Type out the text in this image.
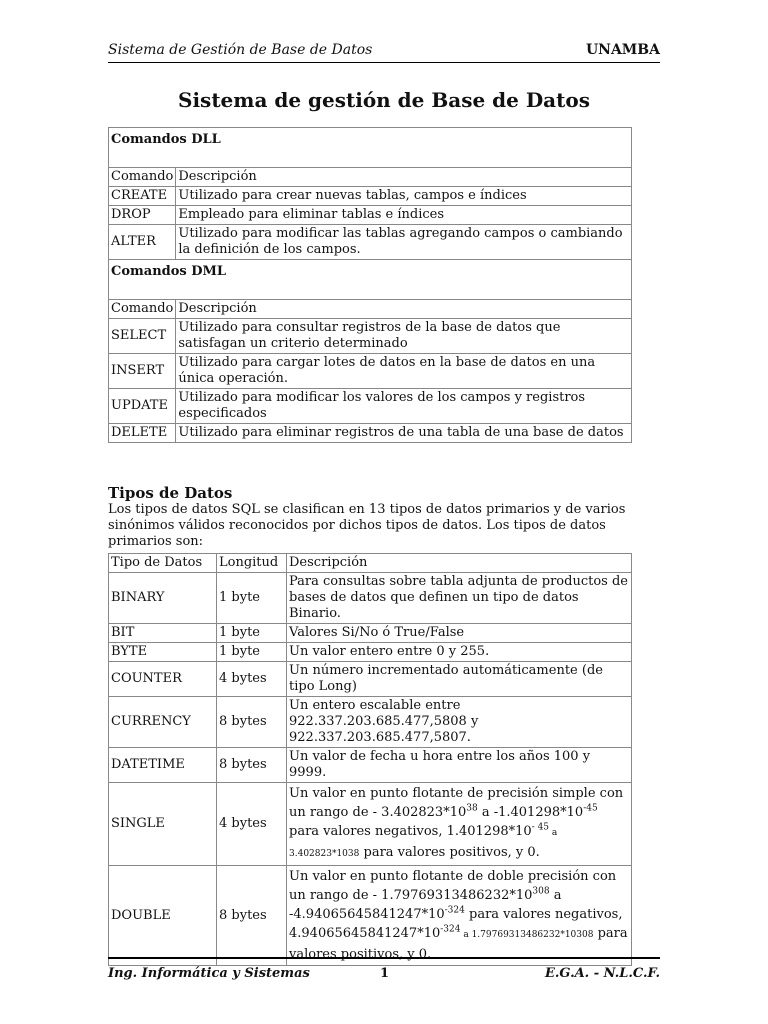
Sistema de Gestión de Base de Datos	UNAMBA
Sistema de gestión de Base de Datos
Comandos DLL	
Comando	Descripción
CREATE	Utilizado para crear nuevas tablas, campos e índices
DROP	Empleado para eliminar tablas e índices
ALTER	Utilizado para modificar las tablas agregando campos o cambiando la definición de los campos.
Comandos DML	
Comando	Descripción
SELECT	Utilizado para consultar registros de la base de datos que satisfagan un criterio determinado
INSERT	Utilizado para cargar lotes de datos en la base de datos en una única operación.
UPDATE	Utilizado para modificar los valores de los campos y registros especificados
DELETE	Utilizado para eliminar registros de una tabla de una base de datos
Tipos de Datos
Los tipos de datos SQL se clasifican en 13 tipos de datos primarios y de varios sinónimos válidos reconocidos por dichos tipos de datos. Los tipos de datos primarios son:
Tipo de Datos	Longitud	Descripción
BINARY	1 byte	Para consultas sobre tabla adjunta de productos de bases de datos que definen un tipo de datos Binario.
BIT	1 byte	Valores Si/No ó True/False
BYTE	1 byte	Un valor entero entre 0 y 255.
COUNTER	4 bytes	Un número incrementado automáticamente (de tipo Long)
CURRENCY	8 bytes	Un entero escalable entre 922.337.203.685.477,5808 y 922.337.203.685.477,5807.
DATETIME	8 bytes	Un valor de fecha u hora entre los años 100 y 9999.
SINGLE	4 bytes	Un valor en punto flotante de precisión simple con un rango de - $3.402823*10^{38}$ a $-1.401298*10^{-45}$ para valores negativos, $1.401298*10^{- 45}$ a 3.402823*1038 para valores positivos, y 0.
DOUBLE	8 bytes	Un valor en punto flotante de doble precisión con un rango de - $1.79769313486232*10^{308}$ a $-4.94065645841247*10^{-324}$ para valores negativos, $4.94065645841247*10^{-324}$ a 1.79769313486232*10308 para valores positivos, y 0.
Ing. Informática y Sistemas	1	E.G.A. - N.L.C.F.
